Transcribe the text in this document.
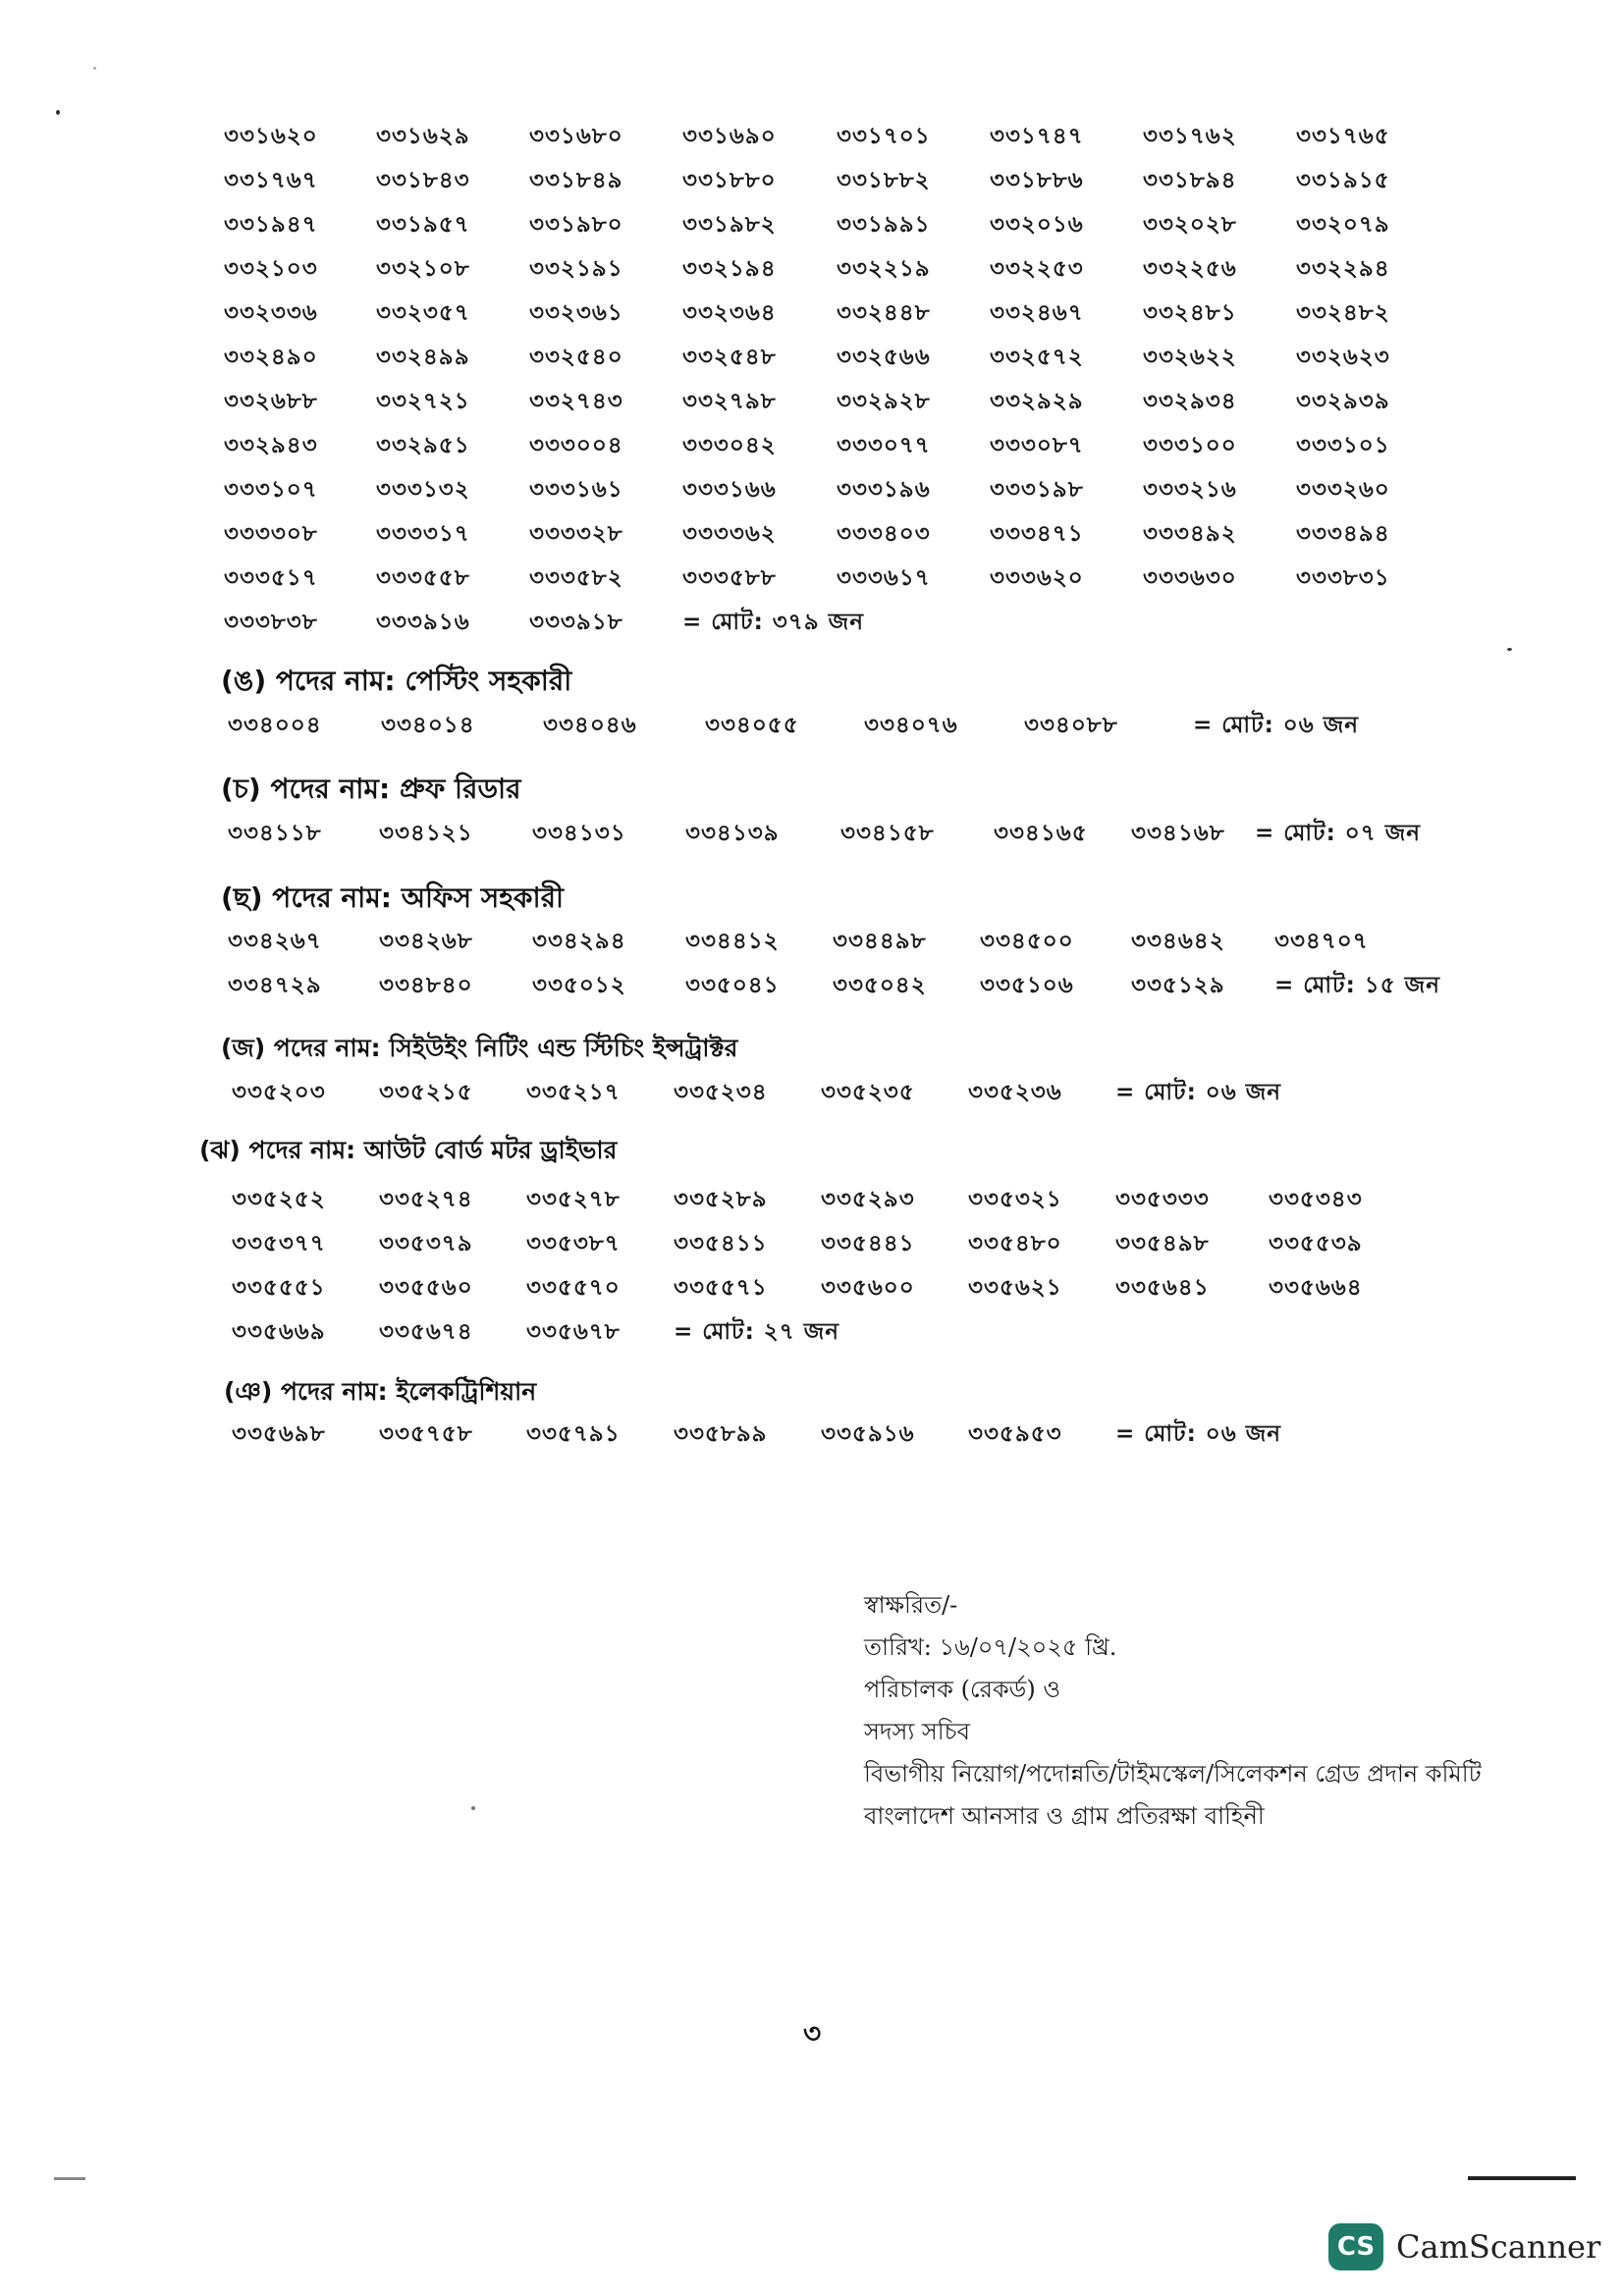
৩৩১৬২০	৩৩১৬২৯	৩৩১৬৮০	৩৩১৬৯০	৩৩১৭০১	৩৩১৭৪৭	৩৩১৭৬২	৩৩১৭৬৫
৩৩১৭৬৭	৩৩১৮৪৩	৩৩১৮৪৯	৩৩১৮৮০	৩৩১৮৮২	৩৩১৮৮৬	৩৩১৮৯৪	৩৩১৯১৫
৩৩১৯৪৭	৩৩১৯৫৭	৩৩১৯৮০	৩৩১৯৮২	৩৩১৯৯১	৩৩২০১৬	৩৩২০২৮	৩৩২০৭৯
৩৩২১০৩	৩৩২১০৮	৩৩২১৯১	৩৩২১৯৪	৩৩২২১৯	৩৩২২৫৩	৩৩২২৫৬	৩৩২২৯৪
৩৩২৩৩৬	৩৩২৩৫৭	৩৩২৩৬১	৩৩২৩৬৪	৩৩২৪৪৮	৩৩২৪৬৭	৩৩২৪৮১	৩৩২৪৮২
৩৩২৪৯০	৩৩২৪৯৯	৩৩২৫৪০	৩৩২৫৪৮	৩৩২৫৬৬	৩৩২৫৭২	৩৩২৬২২	৩৩২৬২৩
৩৩২৬৮৮	৩৩২৭২১	৩৩২৭৪৩	৩৩২৭৯৮	৩৩২৯২৮	৩৩২৯২৯	৩৩২৯৩৪	৩৩২৯৩৯
৩৩২৯৪৩	৩৩২৯৫১	৩৩৩০০৪	৩৩৩০৪২	৩৩৩০৭৭	৩৩৩০৮৭	৩৩৩১০০	৩৩৩১০১
৩৩৩১০৭	৩৩৩১৩২	৩৩৩১৬১	৩৩৩১৬৬	৩৩৩১৯৬	৩৩৩১৯৮	৩৩৩২১৬	৩৩৩২৬০
৩৩৩৩০৮	৩৩৩৩১৭	৩৩৩৩২৮	৩৩৩৩৬২	৩৩৩৪০৩	৩৩৩৪৭১	৩৩৩৪৯২	৩৩৩৪৯৪
৩৩৩৫১৭	৩৩৩৫৫৮	৩৩৩৫৮২	৩৩৩৫৮৮	৩৩৩৬১৭	৩৩৩৬২০	৩৩৩৬৩০	৩৩৩৮৩১
৩৩৩৮৩৮	৩৩৩৯১৬	৩৩৩৯১৮	= মোট: ৩৭৯ জন
(ঙ) পদের নাম: পেস্টিং সহকারী
৩৩৪০০৪	৩৩৪০১৪	৩৩৪০৪৬	৩৩৪০৫৫	৩৩৪০৭৬	৩৩৪০৮৮	= মোট: ০৬ জন
(চ) পদের নাম: প্রুফ রিডার
৩৩৪১১৮	৩৩৪১২১	৩৩৪১৩১	৩৩৪১৩৯	৩৩৪১৫৮	৩৩৪১৬৫ ৩৩৪১৬৮ = মোট: ০৭ জন
(ছ) পদের নাম: অফিস সহকারী
৩৩৪২৬৭	৩৩৪২৬৮	৩৩৪২৯৪	৩৩৪৪১২ ৩৩৪৪৯৮ ৩৩৪৫০০	৩৩৪৬৪২ ৩৩৪৭০৭
৩৩৪৭২৯	৩৩৪৮৪০	৩৩৫০১২	৩৩৫০৪১ ৩৩৫০৪২ ৩৩৫১০৬	৩৩৫১২৯ = মোট: ১৫ জন
(জ) পদের নাম: সিইউইং নিটিং এন্ড স্টিচিং ইন্সট্রাক্টর
৩৩৫২০৩ ৩৩৫২১৫ ৩৩৫২১৭ ৩৩৫২৩৪ ৩৩৫২৩৫ ৩৩৫২৩৬ = মোট: ০৬ জন
(ঝ) পদের নাম: আউট বোর্ড মটর ড্রাইভার
৩৩৫২৫২ ৩৩৫২৭৪ ৩৩৫২৭৮ ৩৩৫২৮৯ ৩৩৫২৯৩ ৩৩৫৩২১ ৩৩৫৩৩৩	৩৩৫৩৪৩
৩৩৫৩৭৭ ৩৩৫৩৭৯ ৩৩৫৩৮৭ ৩৩৫৪১১ ৩৩৫৪৪১ ৩৩৫৪৮০ ৩৩৫৪৯৮	৩৩৫৫৩৯
৩৩৫৫৫১ ৩৩৫৫৬০ ৩৩৫৫৭০ ৩৩৫৫৭১ ৩৩৫৬০০ ৩৩৫৬২১ ৩৩৫৬৪১	৩৩৫৬৬৪
৩৩৫৬৬৯ ৩৩৫৬৭৪ ৩৩৫৬৭৮ = মোট: ২৭ জন
(ঞ) পদের নাম: ইলেকট্রিশিয়ান
৩৩৫৬৯৮ ৩৩৫৭৫৮ ৩৩৫৭৯১ ৩৩৫৮৯৯ ৩৩৫৯১৬ ৩৩৫৯৫৩ = মোট: ০৬ জন
স্বাক্ষরিত/-
তারিখ: ১৬/০৭/২০২৫ খ্রি.
পরিচালক (রেকর্ড) ও
সদস্য সচিব
বিভাগীয় নিয়োগ/পদোন্নতি/টাইমস্কেল/সিলেকশন গ্রেড প্রদান কমিটি
বাংলাদেশ আনসার ও গ্রাম প্রতিরক্ষা বাহিনী
৩
CS CamScanner
